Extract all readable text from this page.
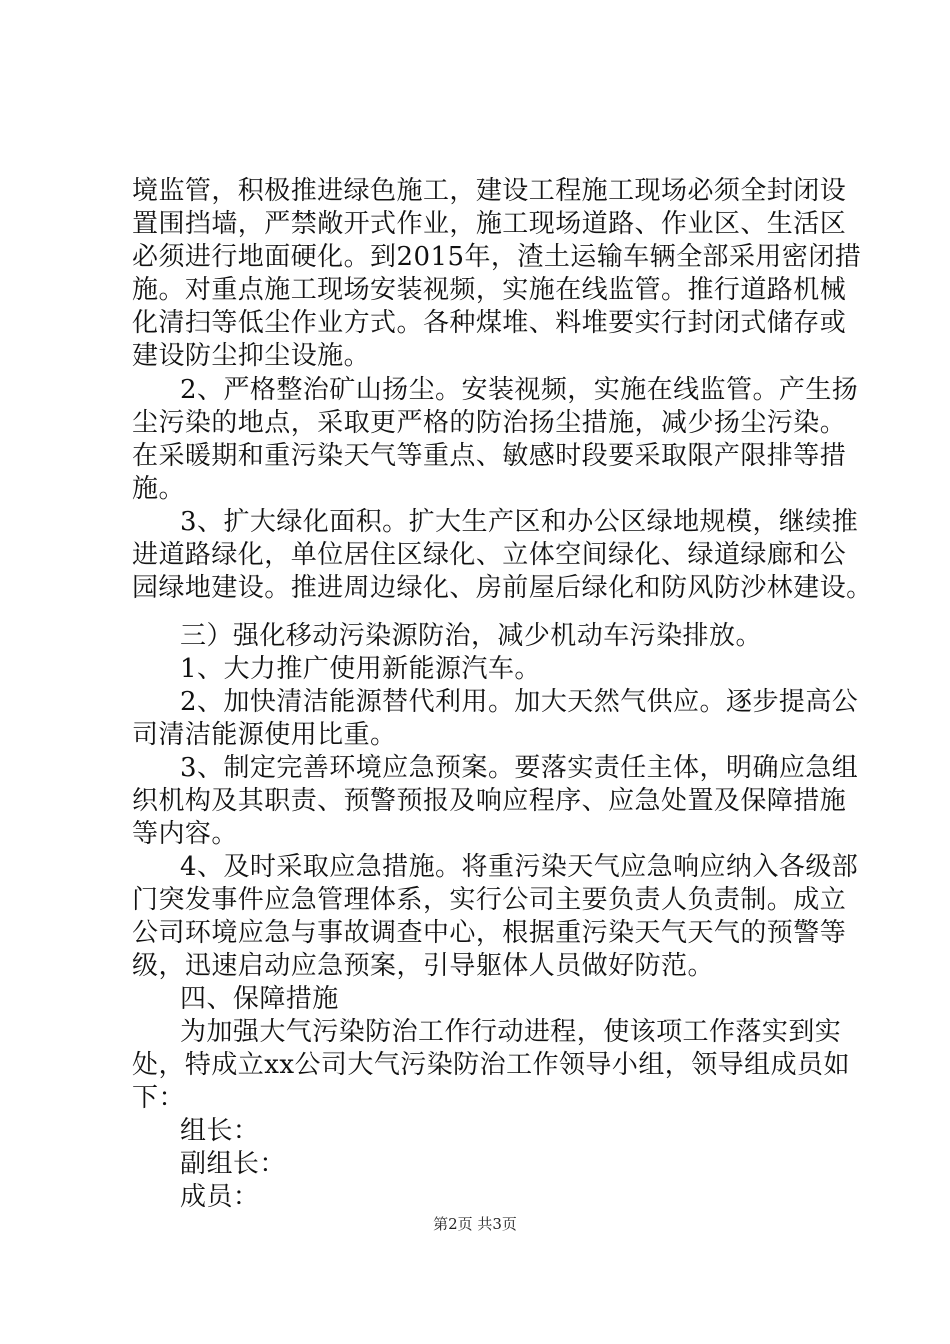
境监管，积极推进绿色施工，建设工程施工现场必须全封闭设
置围挡墙，严禁敞开式作业，施工现场道路、作业区、生活区
必须进行地面硬化。到2015年，渣土运输车辆全部采用密闭措
施。对重点施工现场安装视频，实施在线监管。推行道路机械
化清扫等低尘作业方式。各种煤堆、料堆要实行封闭式储存或
建设防尘抑尘设施。
2、严格整治矿山扬尘。安装视频，实施在线监管。产生扬
尘污染的地点，采取更严格的防治扬尘措施，减少扬尘污染。
在采暖期和重污染天气等重点、敏感时段要采取限产限排等措
施。
3、扩大绿化面积。扩大生产区和办公区绿地规模，继续推
进道路绿化，单位居住区绿化、立体空间绿化、绿道绿廊和公
园绿地建设。推进周边绿化、房前屋后绿化和防风防沙林建设。
三）强化移动污染源防治，减少机动车污染排放。
1、大力推广使用新能源汽车。
2、加快清洁能源替代利用。加大天然气供应。逐步提高公
司清洁能源使用比重。
3、制定完善环境应急预案。要落实责任主体，明确应急组
织机构及其职责、预警预报及响应程序、应急处置及保障措施
等内容。
4、及时采取应急措施。将重污染天气应急响应纳入各级部
门突发事件应急管理体系，实行公司主要负责人负责制。成立
公司环境应急与事故调查中心，根据重污染天气天气的预警等
级，迅速启动应急预案，引导躯体人员做好防范。
四、保障措施
为加强大气污染防治工作行动进程，使该项工作落实到实
处，特成立xx公司大气污染防治工作领导小组，领导组成员如
下：
组长：
副组长：
成员：
第2页 共3页
